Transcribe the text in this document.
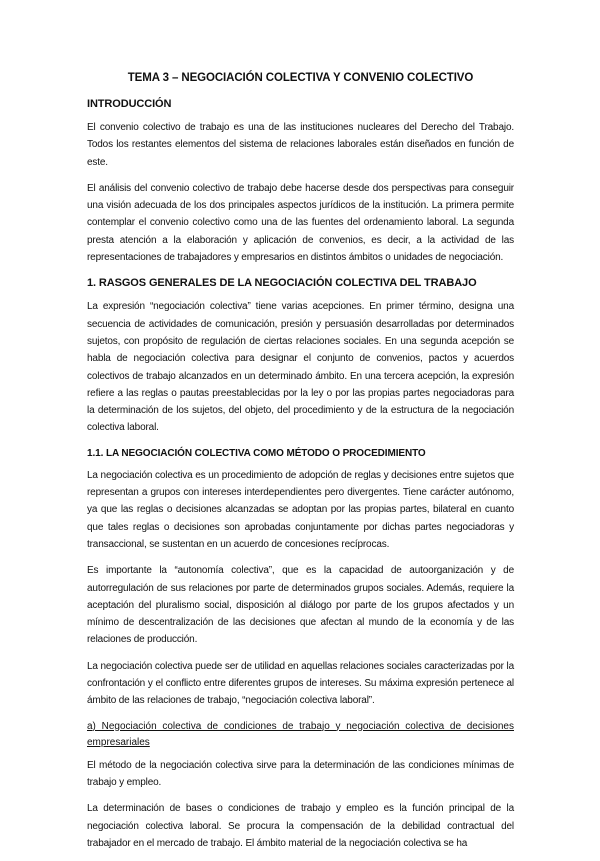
TEMA 3 – NEGOCIACIÓN COLECTIVA Y CONVENIO COLECTIVO
INTRODUCCIÓN

El convenio colectivo de trabajo es una de las instituciones nucleares del Derecho del Trabajo. Todos los restantes elementos del sistema de relaciones laborales están diseñados en función de este.

El análisis del convenio colectivo de trabajo debe hacerse desde dos perspectivas para conseguir una visión adecuada de los dos principales aspectos jurídicos de la institución. La primera permite contemplar el convenio colectivo como una de las fuentes del ordenamiento laboral. La segunda presta atención a la elaboración y aplicación de convenios, es decir, a la actividad de las representaciones de trabajadores y empresarios en distintos ámbitos o unidades de negociación.

1. RASGOS GENERALES DE LA NEGOCIACIÓN COLECTIVA DEL TRABAJO

La expresión “negociación colectiva” tiene varias acepciones. En primer término, designa una secuencia de actividades de comunicación, presión y persuasión desarrolladas por determinados sujetos, con propósito de regulación de ciertas relaciones sociales. En una segunda acepción se habla de negociación colectiva para designar el conjunto de convenios, pactos y acuerdos colectivos de trabajo alcanzados en un determinado ámbito. En una tercera acepción, la expresión refiere a las reglas o pautas preestablecidas por la ley o por las propias partes negociadoras para la determinación de los sujetos, del objeto, del procedimiento y de la estructura de la negociación colectiva laboral.

1.1. LA NEGOCIACIÓN COLECTIVA COMO MÉTODO O PROCEDIMIENTO

La negociación colectiva es un procedimiento de adopción de reglas y decisiones entre sujetos que representan a grupos con intereses interdependientes pero divergentes. Tiene carácter autónomo, ya que las reglas o decisiones alcanzadas se adoptan por las propias partes, bilateral en cuanto que tales reglas o decisiones son aprobadas conjuntamente por dichas partes negociadoras y transaccional, se sustentan en un acuerdo de concesiones recíprocas.

Es importante la “autonomía colectiva”, que es la capacidad de autoorganización y de autorregulación de sus relaciones por parte de determinados grupos sociales. Además, requiere la aceptación del pluralismo social, disposición al diálogo por parte de los grupos afectados y un mínimo de descentralización de las decisiones que afectan al mundo de la economía y de las relaciones de producción.

La negociación colectiva puede ser de utilidad en aquellas relaciones sociales caracterizadas por la confrontación y el conflicto entre diferentes grupos de intereses. Su máxima expresión pertenece al ámbito de las relaciones de trabajo, “negociación colectiva laboral”.

a) Negociación colectiva de condiciones de trabajo y negociación colectiva de decisiones empresariales

El método de la negociación colectiva sirve para la determinación de las condiciones mínimas de trabajo y empleo.

La determinación de bases o condiciones de trabajo y empleo es la función principal de la negociación colectiva laboral. Se procura la compensación de la debilidad contractual del trabajador en el mercado de trabajo. El ámbito material de la negociación colectiva se ha
